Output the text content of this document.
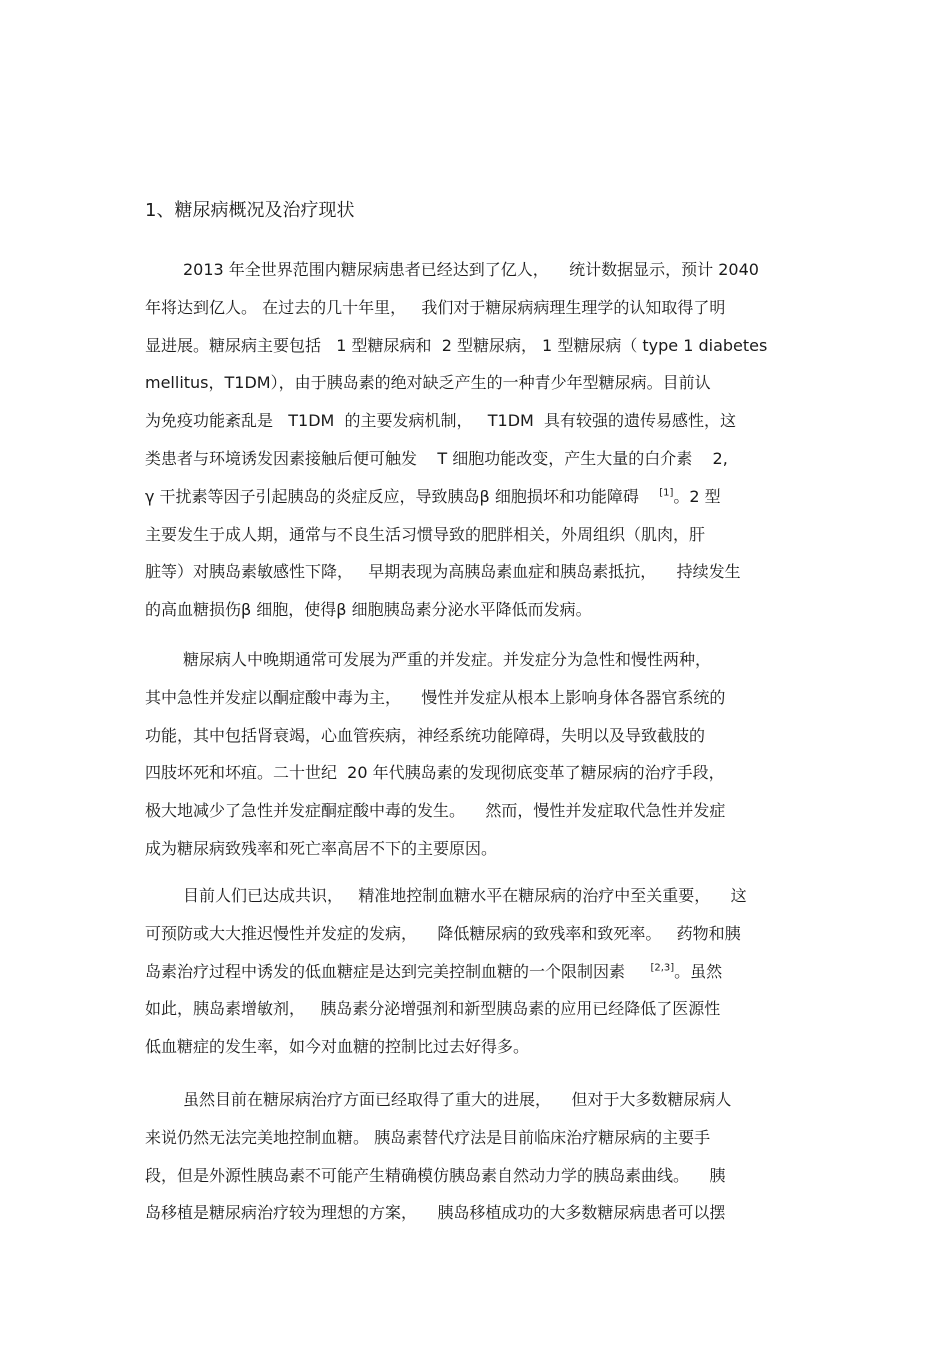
1、糖尿病概况及治疗现状
2013 年全世界范围内糖尿病患者已经达到了亿人，    统计数据显示，预计 2040
年将达到亿人。 在过去的几十年里，   我们对于糖尿病病理生理学的认知取得了明
显进展。糖尿病主要包括   1 型糖尿病和  2 型糖尿病， 1 型糖尿病（ type 1 diabetes
mellitus，T1DM），由于胰岛素的绝对缺乏产生的一种青少年型糖尿病。目前认
为免疫功能紊乱是   T1DM  的主要发病机制，   T1DM  具有较强的遗传易感性，这
类患者与环境诱发因素接触后便可触发    T 细胞功能改变，产生大量的白介素    2,
γ 干扰素等因子引起胰岛的炎症反应，导致胰岛β 细胞损坏和功能障碍    [1]。2 型
主要发生于成人期，通常与不良生活习惯导致的肥胖相关，外周组织（肌肉，肝
脏等）对胰岛素敏感性下降，   早期表现为高胰岛素血症和胰岛素抵抗，    持续发生
的高血糖损伤β 细胞，使得β 细胞胰岛素分泌水平降低而发病。
糖尿病人中晚期通常可发展为严重的并发症。并发症分为急性和慢性两种，
其中急性并发症以酮症酸中毒为主，    慢性并发症从根本上影响身体各器官系统的
功能，其中包括肾衰竭，心血管疾病，神经系统功能障碍，失明以及导致截肢的
四肢坏死和坏疽。二十世纪  20 年代胰岛素的发现彻底变革了糖尿病的治疗手段，
极大地减少了急性并发症酮症酸中毒的发生。    然而，慢性并发症取代急性并发症
成为糖尿病致残率和死亡率高居不下的主要原因。
目前人们已达成共识，   精准地控制血糖水平在糖尿病的治疗中至关重要，    这
可预防或大大推迟慢性并发症的发病，    降低糖尿病的致残率和致死率。   药物和胰
岛素治疗过程中诱发的低血糖症是达到完美控制血糖的一个限制因素     [2,3]。虽然
如此，胰岛素增敏剂，   胰岛素分泌增强剂和新型胰岛素的应用已经降低了医源性
低血糖症的发生率，如今对血糖的控制比过去好得多。
虽然目前在糖尿病治疗方面已经取得了重大的进展，    但对于大多数糖尿病人
来说仍然无法完美地控制血糖。 胰岛素替代疗法是目前临床治疗糖尿病的主要手
段，但是外源性胰岛素不可能产生精确模仿胰岛素自然动力学的胰岛素曲线。    胰
岛移植是糖尿病治疗较为理想的方案，    胰岛移植成功的大多数糖尿病患者可以摆
